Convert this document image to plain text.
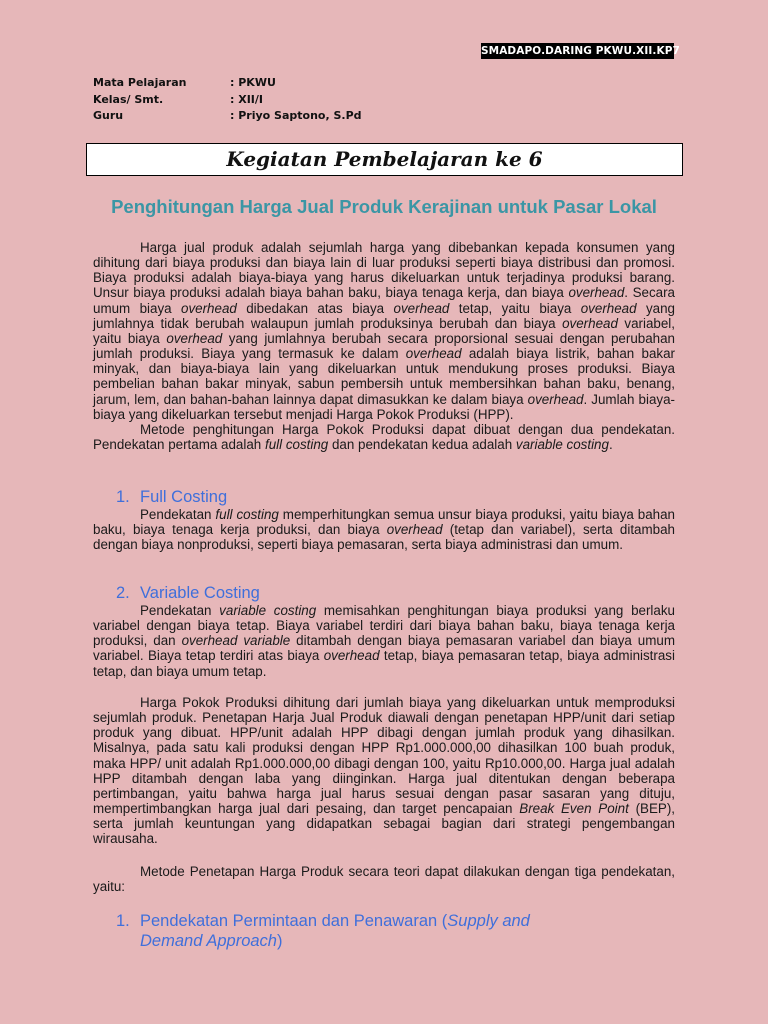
SMADAPO.DARING PKWU.XII.KP7
Mata Pelajaran	: PKWU
Kelas/ Smt.	: XII/I
Guru	: Priyo Saptono, S.Pd
Kegiatan Pembelajaran ke 6
Penghitungan Harga Jual Produk Kerajinan untuk Pasar Lokal

Harga jual produk adalah sejumlah harga yang dibebankan kepada konsumen yang dihitung dari biaya produksi dan biaya lain di luar produksi seperti biaya distribusi dan promosi. Biaya produksi adalah biaya-biaya yang harus dikeluarkan untuk terjadinya produksi barang. Unsur biaya produksi adalah biaya bahan baku, biaya tenaga kerja, dan biaya overhead. Secara umum biaya overhead dibedakan atas biaya overhead tetap, yaitu biaya overhead yang jumlahnya tidak berubah walaupun jumlah produksinya berubah dan biaya overhead variabel, yaitu biaya overhead yang jumlahnya berubah secara proporsional sesuai dengan perubahan jumlah produksi. Biaya yang termasuk ke dalam overhead adalah biaya listrik, bahan bakar minyak, dan biaya-biaya lain yang dikeluarkan untuk mendukung proses produksi. Biaya pembelian bahan bakar minyak, sabun pembersih untuk membersihkan bahan baku, benang, jarum, lem, dan bahan-bahan lainnya dapat dimasukkan ke dalam biaya overhead. Jumlah biaya-biaya yang dikeluarkan tersebut menjadi Harga Pokok Produksi (HPP).

Metode penghitungan Harga Pokok Produksi dapat dibuat dengan dua pendekatan. Pendekatan pertama adalah full costing dan pendekatan kedua adalah variable costing.

1. Full Costing

Pendekatan full costing memperhitungkan semua unsur biaya produksi, yaitu biaya bahan baku, biaya tenaga kerja produksi, dan biaya overhead (tetap dan variabel), serta ditambah dengan biaya nonproduksi, seperti biaya pemasaran, serta biaya administrasi dan umum.

2. Variable Costing

Pendekatan variable costing memisahkan penghitungan biaya produksi yang berlaku variabel dengan biaya tetap. Biaya variabel terdiri dari biaya bahan baku, biaya tenaga kerja produksi, dan overhead variable ditambah dengan biaya pemasaran variabel dan biaya umum variabel. Biaya tetap terdiri atas biaya overhead tetap, biaya pemasaran tetap, biaya administrasi tetap, dan biaya umum tetap.

Harga Pokok Produksi dihitung dari jumlah biaya yang dikeluarkan untuk memproduksi sejumlah produk. Penetapan Harja Jual Produk diawali dengan penetapan HPP/unit dari setiap produk yang dibuat. HPP/unit adalah HPP dibagi dengan jumlah produk yang dihasilkan. Misalnya, pada satu kali produksi dengan HPP Rp1.000.000,00 dihasilkan 100 buah produk, maka HPP/ unit adalah Rp1.000.000,00 dibagi dengan 100, yaitu Rp10.000,00. Harga jual adalah HPP ditambah dengan laba yang diinginkan. Harga jual ditentukan dengan beberapa pertimbangan, yaitu bahwa harga jual harus sesuai dengan pasar sasaran yang dituju, mempertimbangkan harga jual dari pesaing, dan target pencapaian Break Even Point (BEP), serta jumlah keuntungan yang didapatkan sebagai bagian dari strategi pengembangan wirausaha.

Metode Penetapan Harga Produk secara teori dapat dilakukan dengan tiga pendekatan, yaitu:

1. Pendekatan Permintaan dan Penawaran (Supply and Demand Approach)
